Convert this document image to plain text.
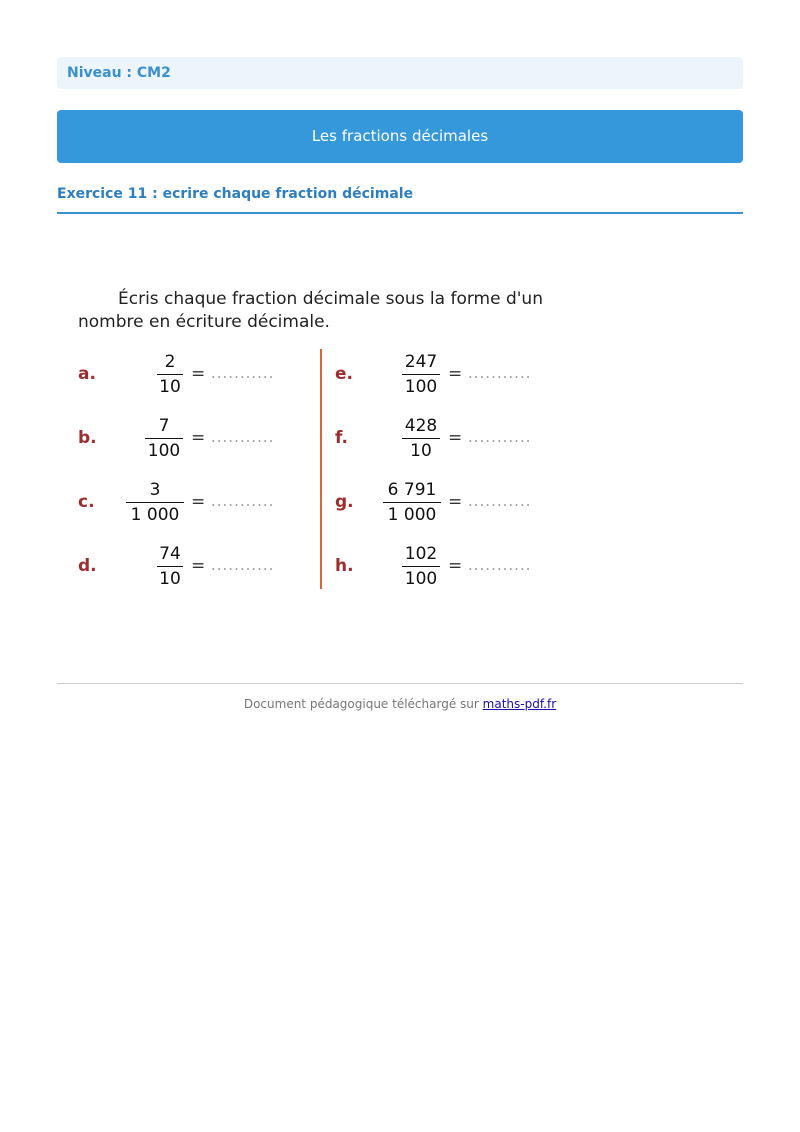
Niveau : CM2
Les fractions décimales
Exercice 11 : ecrire chaque fraction décimale
Écris chaque fraction décimale sous la forme d'un nombre en écriture décimale.
a.
2
10
= ...........
b.
7
100
= ...........
c.
3
1 000
= ...........
d.
74
10
= ...........
e.
247
100
= ...........
f.
428
10
= ...........
g.
6 791
1 000
= ...........
h.
102
100
= ...........
Document pédagogique téléchargé sur maths-pdf.fr
